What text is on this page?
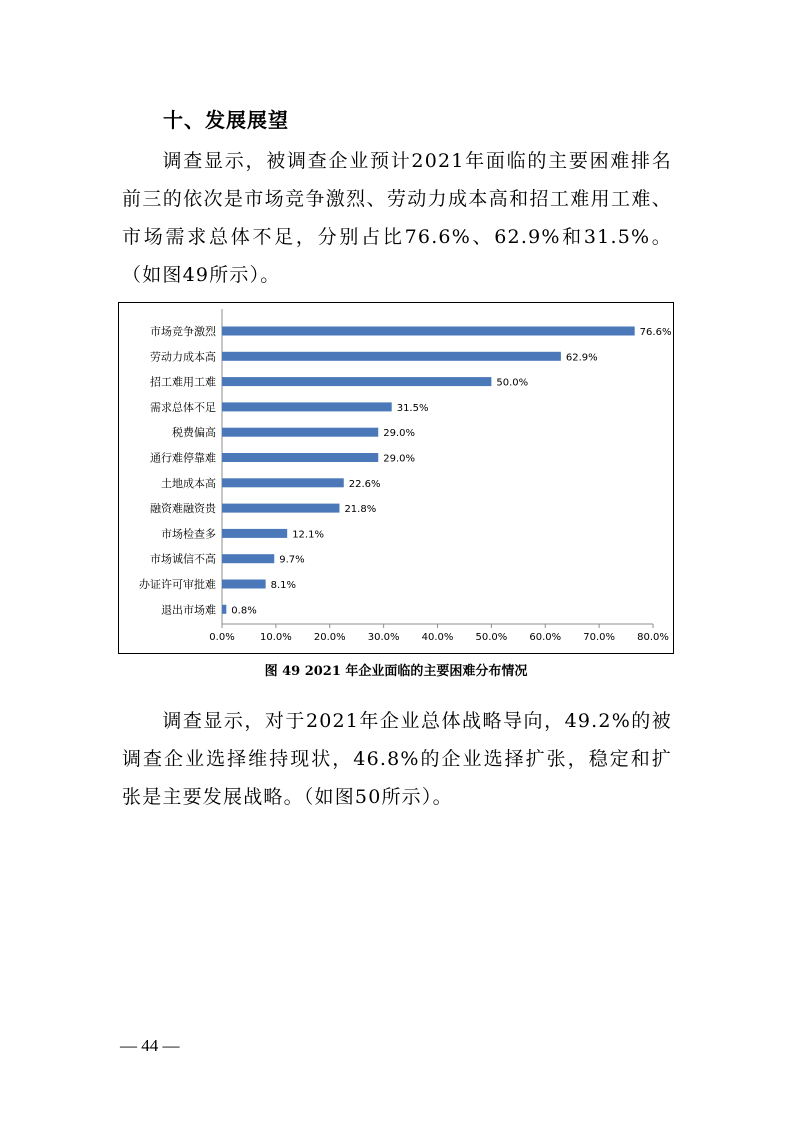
十、发展展望

调查显示，被调查企业预计2021年面临的主要困难排名前三的依次是市场竞争激烈、劳动力成本高和招工难用工难、市场需求总体不足，分别占比76.6%、62.9%和31.5%。（如图49所示）。

市场竞争激烈	76.6%
劳动力成本高	62.9%
招工难用工难	50.0%
需求总体不足	31.5%
税费偏高	29.0%
通行难停靠难	29.0%
土地成本高	22.6%
融资难融资贵	21.8%
市场检查多	12.1%
市场诚信不高	9.7%
办证许可审批难	8.1%
退出市场难 0.8%
0.0%	10.0% 20.0% 30.0% 40.0% 50.0% 60.0% 70.0% 80.0%
图 49 2021 年企业面临的主要困难分布情况

调查显示，对于2021年企业总体战略导向，49.2%的被调查企业选择维持现状，46.8%的企业选择扩张，稳定和扩张是主要发展战略。（如图50所示）。

— 44 —
